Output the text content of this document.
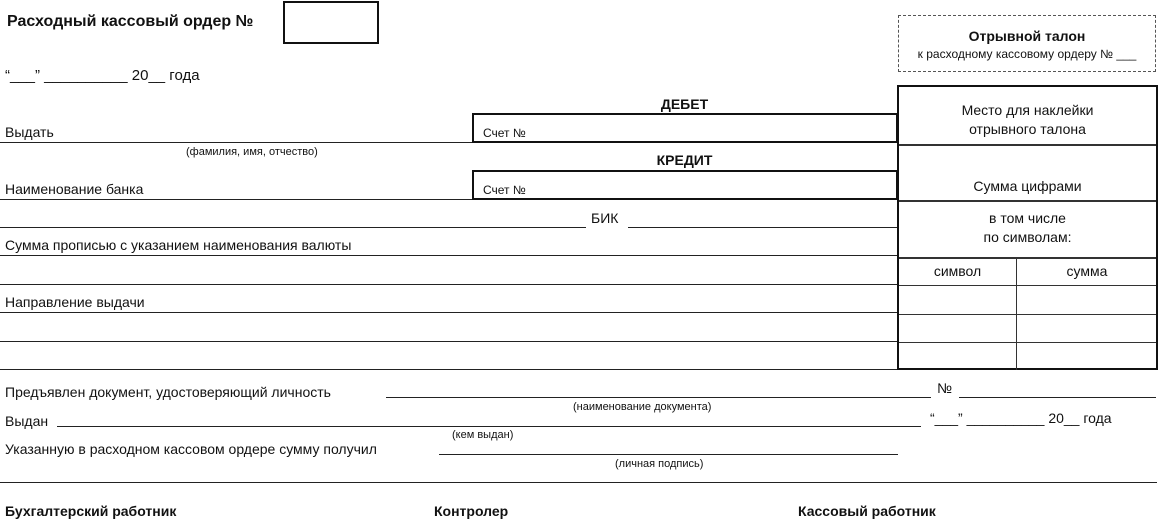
Расходный кассовый ордер №
“___” __________ 20__ года
Отрывной талон
к расходному кассовому ордеру № ___
ДЕБЕТ
Счет №
Выдать
(фамилия, имя, отчество)	КРЕДИТ
Счет №
Наименование банка
БИК
Сумма прописью с указанием наименования валюты
Направление выдачи
Место для наклейки
отрывного талона
Сумма цифрами
в том числе
по символам:
символ	сумма
Предъявлен документ, удостоверяющий личность	№
(наименование документа)
Выдан	“___” __________ 20__ года
(кем выдан)
Указанную в расходном кассовом ордере сумму получил
(личная подпись)
Бухгалтерский работник	Контролер	Кассовый работник
